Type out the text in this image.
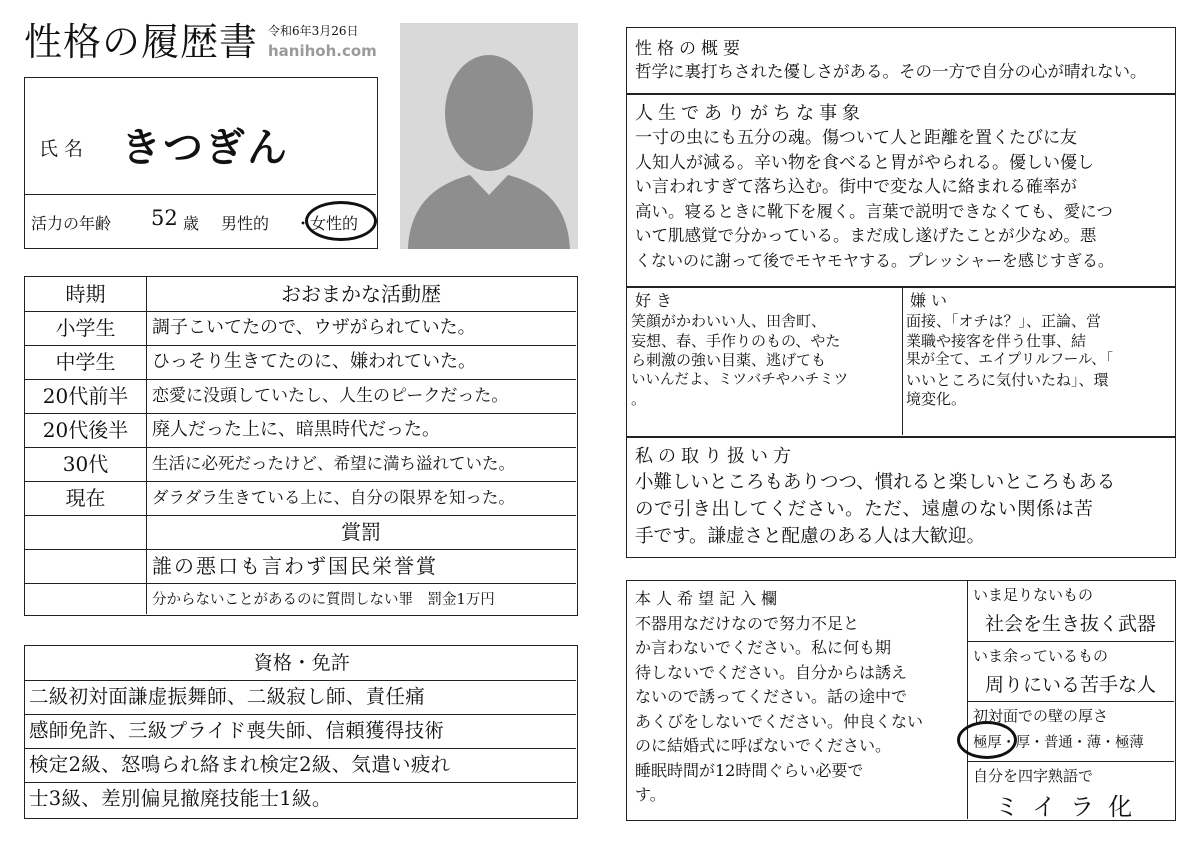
性格の履歴書 令和6年3月26日
hanihoh.com
氏名 きつぎん
活力の年齢 52 歳 男性的 ・
女性的
時期	おおまかな活動歴
小学生	調子こいてたので、ウザがられていた。
中学生	ひっそり生きてたのに、嫌われていた。
20代前半	恋愛に没頭していたし、人生のピークだった。
20代後半	廃人だった上に、暗黒時代だった。
30代	生活に必死だったけど、希望に満ち溢れていた。
現在	ダラダラ生きている上に、自分の限界を知った。
賞罰
誰の悪口も言わず国民栄誉賞
分からないことがあるのに質問しない罪　罰金1万円
資格・免許
二級初対面謙虚振舞師、二級寂し師、責任痛
感師免許、三級プライド喪失師、信頼獲得技術
検定2級、怒鳴られ絡まれ検定2級、気遣い疲れ
士3級、差別偏見撤廃技能士1級。
性格の概要
哲学に裏打ちされた優しさがある。その一方で自分の心が晴れない。
人生でありがちな事象
一寸の虫にも五分の魂。傷ついて人と距離を置くたびに友
人知人が減る。辛い物を食べると胃がやられる。優しい優し
い言われすぎて落ち込む。街中で変な人に絡まれる確率が
高い。寝るときに靴下を履く。言葉で説明できなくても、愛につ
いて肌感覚で分かっている。まだ成し遂げたことが少なめ。悪
くないのに謝って後でモヤモヤする。プレッシャーを感じすぎる。
好き
笑顔がかわいい人、田舎町、
妄想、春、手作りのもの、やた
ら刺激の強い目薬、逃げても
いいんだよ、ミツバチやハチミツ
。
嫌い
面接、「オチは？」、正論、営
業職や接客を伴う仕事、結
果が全て、エイプリルフール、「
いいところに気付いたね」、環
境変化。
私の取り扱い方
小難しいところもありつつ、慣れると楽しいところもある
ので引き出してください。ただ、遠慮のない関係は苦
手です。謙虚さと配慮のある人は大歓迎。
本人希望記入欄
不器用なだけなので努力不足と
か言わないでください。私に何も期
待しないでください。自分からは誘え
ないので誘ってください。話の途中で
あくびをしないでください。仲良くない
のに結婚式に呼ばないでください。
睡眠時間が12時間ぐらい必要で
す。
いま足りないもの
社会を生き抜く武器
いま余っているもの
周りにいる苦手な人
初対面での壁の厚さ
極厚・厚・普通・薄・極薄
自分を四字熟語で
ミイラ化
